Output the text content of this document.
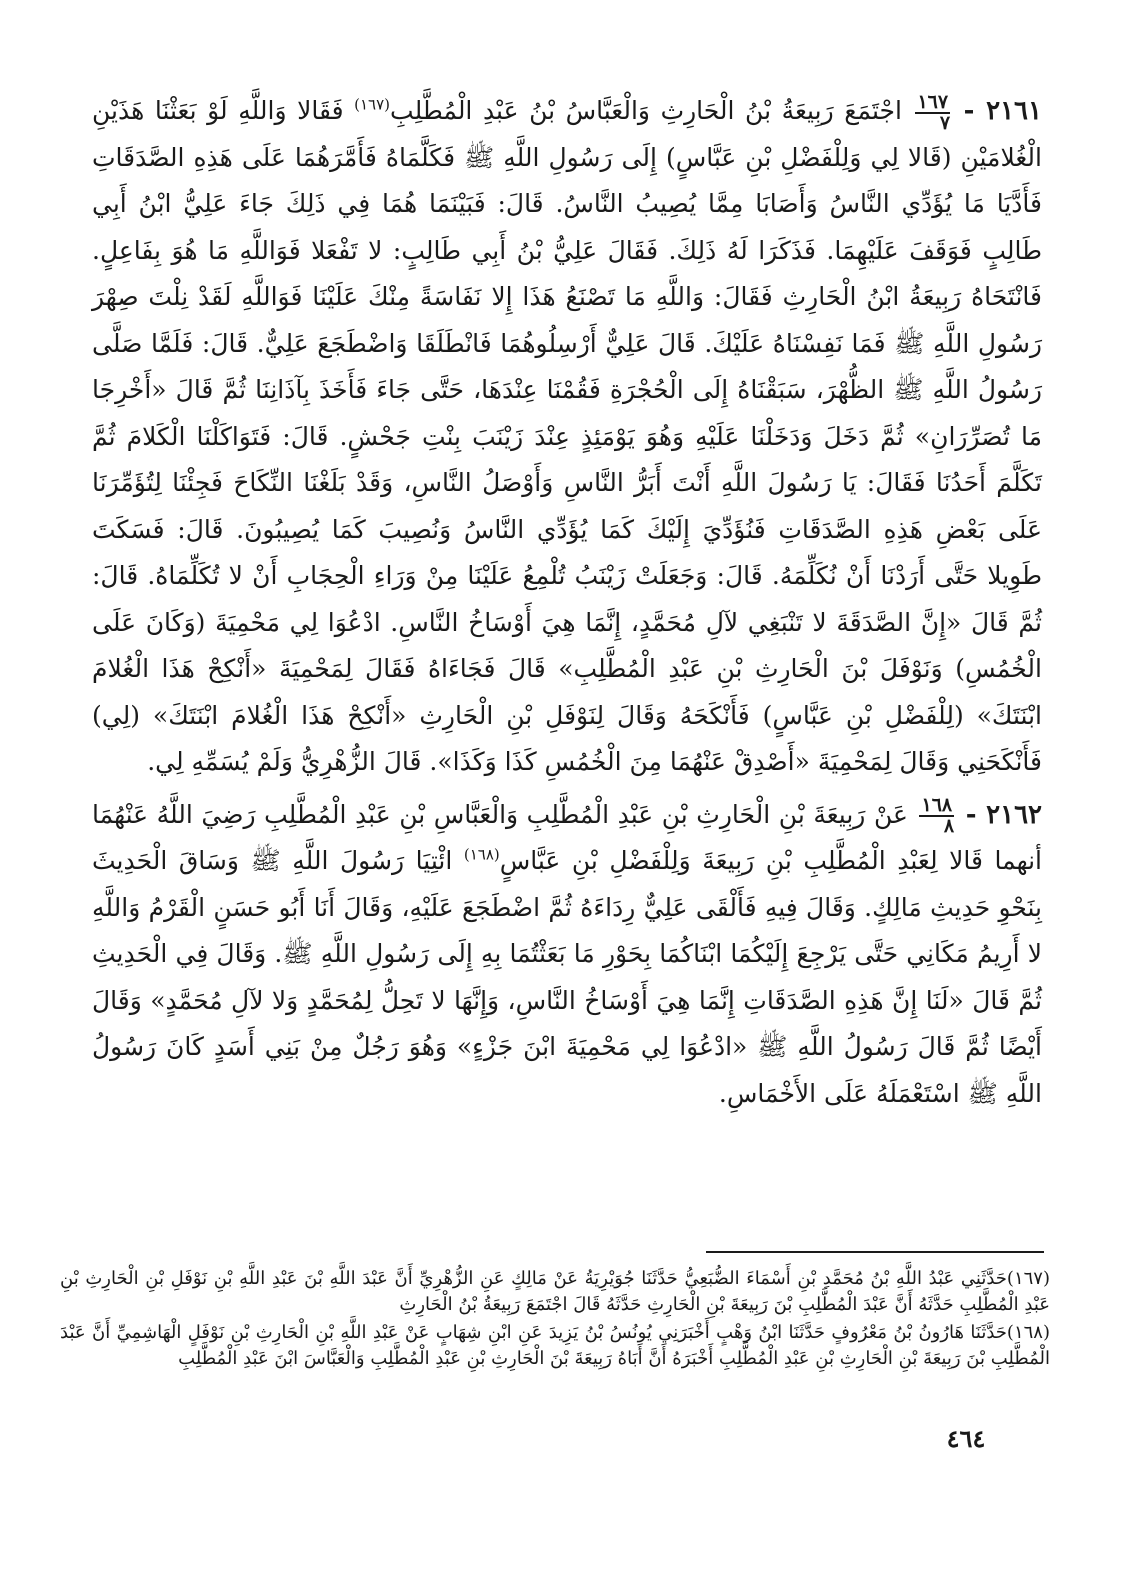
٢١٦١ -
$\frac{١٦٧}{٧}$
اجْتَمَعَ رَبِيعَةُ بْنُ الْحَارِثِ وَالْعَبَّاسُ بْنُ عَبْدِ الْمُطَّلِبِ$^{(١٦٧)}$ فَقَالا وَاللَّهِ لَوْ بَعَثْنَا هَذَيْنِ الْغُلامَيْنِ (قَالا لِي وَلِلْفَضْلِ بْنِ عَبَّاسٍ) إِلَى رَسُولِ اللَّهِ ﷺ فَكَلَّمَاهُ فَأَمَّرَهُمَا عَلَى هَذِهِ الصَّدَقَاتِ فَأَدَّيَا مَا يُؤَدِّي النَّاسُ وَأَصَابَا مِمَّا يُصِيبُ النَّاسُ. قَالَ: فَبَيْنَمَا هُمَا فِي ذَلِكَ جَاءَ عَلِيُّ ابْنُ أَبِي طَالِبٍ فَوَقَفَ عَلَيْهِمَا. فَذَكَرَا لَهُ ذَلِكَ. فَقَالَ عَلِيُّ بْنُ أَبِي طَالِبٍ: لا تَفْعَلا فَوَاللَّهِ مَا هُوَ بِفَاعِلٍ. فَانْتَحَاهُ رَبِيعَةُ ابْنُ الْحَارِثِ فَقَالَ: وَاللَّهِ مَا تَصْنَعُ هَذَا إِلا نَفَاسَةً مِنْكَ عَلَيْنَا فَوَاللَّهِ لَقَدْ نِلْتَ صِهْرَ رَسُولِ اللَّهِ ﷺ فَمَا نَفِسْنَاهُ عَلَيْكَ. قَالَ عَلِيٌّ أَرْسِلُوهُمَا فَانْطَلَقَا وَاضْطَجَعَ عَلِيٌّ. قَالَ: فَلَمَّا صَلَّى رَسُولُ اللَّهِ ﷺ الظُّهْرَ، سَبَقْنَاهُ إِلَى الْحُجْرَةِ فَقُمْنَا عِنْدَهَا، حَتَّى جَاءَ فَأَخَذَ بِآذَانِنَا ثُمَّ قَالَ «أَخْرِجَا مَا تُصَرِّرَانِ» ثُمَّ دَخَلَ وَدَخَلْنَا عَلَيْهِ وَهُوَ يَوْمَئِذٍ عِنْدَ زَيْنَبَ بِنْتِ جَحْشٍ. قَالَ: فَتَوَاكَلْنَا الْكَلامَ ثُمَّ تَكَلَّمَ أَحَدُنَا فَقَالَ: يَا رَسُولَ اللَّهِ أَنْتَ أَبَرُّ النَّاسِ وَأَوْصَلُ النَّاسِ، وَقَدْ بَلَغْنَا النِّكَاحَ فَجِئْنَا لِتُؤَمِّرَنَا عَلَى بَعْضِ هَذِهِ الصَّدَقَاتِ فَنُؤَدِّيَ إِلَيْكَ كَمَا يُؤَدِّي النَّاسُ وَنُصِيبَ كَمَا يُصِيبُونَ. قَالَ: فَسَكَتَ طَوِيلا حَتَّى أَرَدْنَا أَنْ نُكَلِّمَهُ. قَالَ: وَجَعَلَتْ زَيْنَبُ تُلْمِعُ عَلَيْنَا مِنْ وَرَاءِ الْحِجَابِ أَنْ لا تُكَلِّمَاهُ. قَالَ: ثُمَّ قَالَ «إِنَّ الصَّدَقَةَ لا تَنْبَغِي لآلِ مُحَمَّدٍ، إِنَّمَا هِيَ أَوْسَاخُ النَّاسِ. ادْعُوَا لِي مَحْمِيَةَ (وَكَانَ عَلَى الْخُمُسِ) وَنَوْفَلَ بْنَ الْحَارِثِ بْنِ عَبْدِ الْمُطَّلِبِ» قَالَ فَجَاءَاهُ فَقَالَ لِمَحْمِيَةَ «أَنْكِحْ هَذَا الْغُلامَ ابْنَتَكَ» (لِلْفَضْلِ بْنِ عَبَّاسٍ) فَأَنْكَحَهُ وَقَالَ لِنَوْفَلِ بْنِ الْحَارِثِ «أَنْكِحْ هَذَا الْغُلامَ ابْنَتَكَ» (لِي) فَأَنْكَحَنِي وَقَالَ لِمَحْمِيَةَ «أَصْدِقْ عَنْهُمَا مِنَ الْخُمُسِ كَذَا وَكَذَا». قَالَ الزُّهْرِيُّ وَلَمْ يُسَمِّهِ لِي.

٢١٦٢ -
$\frac{١٦٨}{٨}$
عَنْ رَبِيعَةَ بْنِ الْحَارِثِ بْنِ عَبْدِ الْمُطَّلِبِ وَالْعَبَّاسِ بْنِ عَبْدِ الْمُطَّلِبِ رَضِيَ اللَّهُ عَنْهُمَا أنهما قَالا لِعَبْدِ الْمُطَّلِبِ بْنِ رَبِيعَةَ وَلِلْفَضْلِ بْنِ عَبَّاسٍ$^{(١٦٨)}$ ائْتِيَا رَسُولَ اللَّهِ ﷺ وَسَاقَ الْحَدِيثَ بِنَحْوِ حَدِيثِ مَالِكٍ. وَقَالَ فِيهِ فَأَلْقَى عَلِيٌّ رِدَاءَهُ ثُمَّ اضْطَجَعَ عَلَيْهِ، وَقَالَ أَنَا أَبُو حَسَنٍ الْقَرْمُ وَاللَّهِ لا أَرِيمُ مَكَانِي حَتَّى يَرْجِعَ إِلَيْكُمَا ابْنَاكُمَا بِحَوْرِ مَا بَعَثْتُمَا بِهِ إِلَى رَسُولِ اللَّهِ ﷺ. وَقَالَ فِي الْحَدِيثِ ثُمَّ قَالَ «لَنَا إِنَّ هَذِهِ الصَّدَقَاتِ إِنَّمَا هِيَ أَوْسَاخُ النَّاسِ، وَإِنَّهَا لا تَحِلُّ لِمُحَمَّدٍ وَلا لآلِ مُحَمَّدٍ» وَقَالَ أَيْضًا ثُمَّ قَالَ رَسُولُ اللَّهِ ﷺ «ادْعُوَا لِي مَحْمِيَةَ ابْنَ جَزْءٍ» وَهُوَ رَجُلٌ مِنْ بَنِي أَسَدٍ كَانَ رَسُولُ اللَّهِ ﷺ اسْتَعْمَلَهُ عَلَى الأَخْمَاسِ.

(١٦٧)حَدَّثَنِي عَبْدُ اللَّهِ بْنُ مُحَمَّدِ بْنِ أَسْمَاءَ الضُّبَعِيُّ حَدَّثَنَا جُوَيْرِيَةُ عَنْ مَالِكٍ عَنِ الزُّهْرِيِّ أَنَّ عَبْدَ اللَّهِ بْنَ عَبْدِ اللَّهِ بْنِ نَوْفَلِ بْنِ الْحَارِثِ بْنِ عَبْدِ الْمُطَّلِبِ حَدَّثَهُ أَنَّ عَبْدَ الْمُطَّلِبِ بْنَ رَبِيعَةَ بْنِ الْحَارِثِ حَدَّثَهُ قَالَ اجْتَمَعَ رَبِيعَةُ بْنُ الْحَارِثِ

(١٦٨)حَدَّثَنَا هَارُونُ بْنُ مَعْرُوفٍ حَدَّثَنَا ابْنُ وَهْبٍ أَخْبَرَنِي يُونُسُ بْنُ يَزِيدَ عَنِ ابْنِ شِهَابٍ عَنْ عَبْدِ اللَّهِ بْنِ الْحَارِثِ بْنِ نَوْفَلٍ الْهَاشِمِيِّ أَنَّ عَبْدَ الْمُطَّلِبِ بْنَ رَبِيعَةَ بْنِ الْحَارِثِ بْنِ عَبْدِ الْمُطَّلِبِ أَخْبَرَهُ أَنَّ أَبَاهُ رَبِيعَةَ بْنَ الْحَارِثِ بْنِ عَبْدِ الْمُطَّلِبِ وَالْعَبَّاسَ ابْنَ عَبْدِ الْمُطَّلِبِ

٤٦٤
